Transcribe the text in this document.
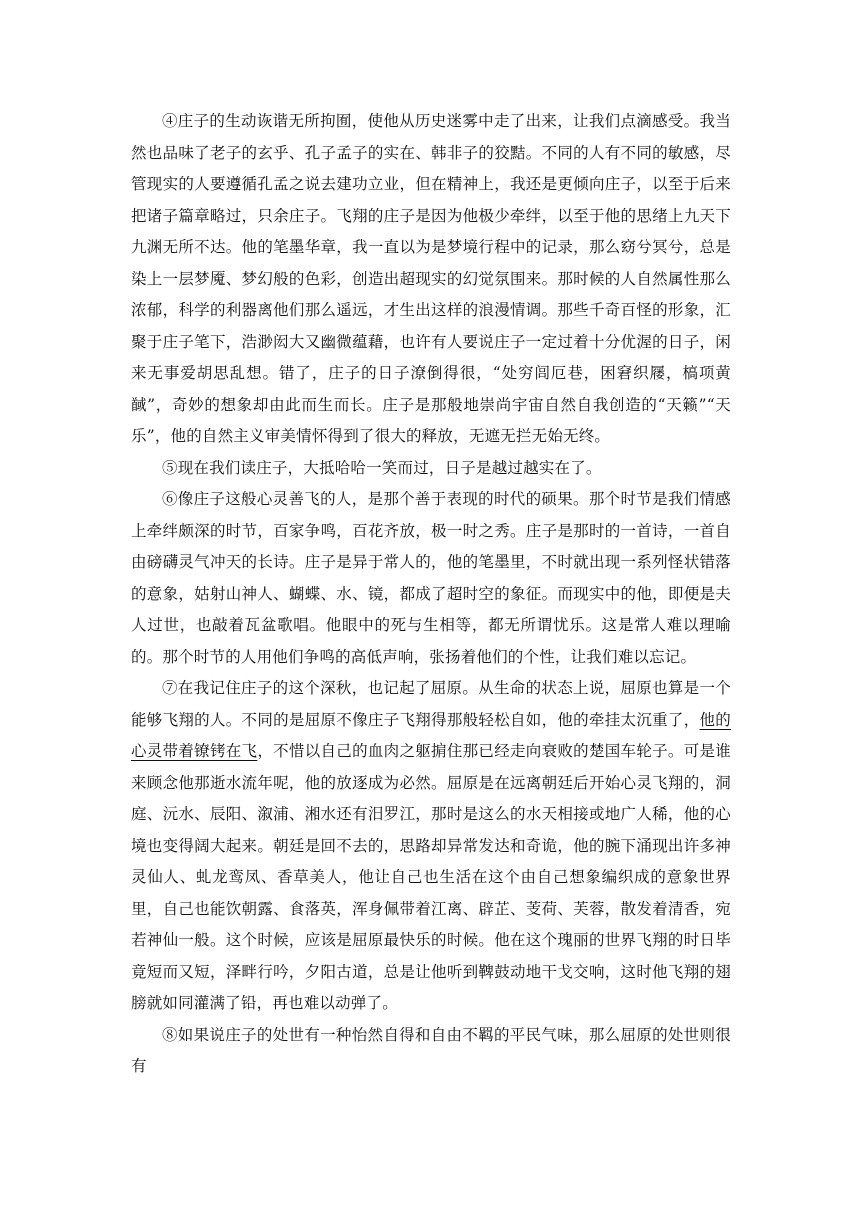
④庄子的生动诙谐无所拘囿，使他从历史迷雾中走了出来，让我们点滴感受。我当然也品味了老子的玄乎、孔子孟子的实在、韩非子的狡黠。不同的人有不同的敏感，尽管现实的人要遵循孔孟之说去建功立业，但在精神上，我还是更倾向庄子，以至于后来把诸子篇章略过，只余庄子。飞翔的庄子是因为他极少牵绊，以至于他的思绪上九天下九渊无所不达。他的笔墨华章，我一直以为是梦境行程中的记录，那么窈兮冥兮，总是染上一层梦魇、梦幻般的色彩，创造出超现实的幻觉氛围来。那时候的人自然属性那么浓郁，科学的利器离他们那么遥远，才生出这样的浪漫情调。那些千奇百怪的形象，汇聚于庄子笔下，浩渺闳大又幽微蕴藉，也许有人要说庄子一定过着十分优渥的日子，闲来无事爱胡思乱想。错了，庄子的日子潦倒得很，“处穷闾厄巷，困窘织屦，槁项黄馘”，奇妙的想象却由此而生而长。庄子是那般地崇尚宇宙自然自我创造的“天籁”“天乐”，他的自然主义审美情怀得到了很大的释放，无遮无拦无始无终。

⑤现在我们读庄子，大抵哈哈一笑而过，日子是越过越实在了。

⑥像庄子这般心灵善飞的人，是那个善于表现的时代的硕果。那个时节是我们情感上牵绊颇深的时节，百家争鸣，百花齐放，极一时之秀。庄子是那时的一首诗，一首自由磅礴灵气冲天的长诗。庄子是异于常人的，他的笔墨里，不时就出现一系列怪状错落的意象，姑射山神人、蝴蝶、水、镜，都成了超时空的象征。而现实中的他，即便是夫人过世，也敲着瓦盆歌唱。他眼中的死与生相等，都无所谓忧乐。这是常人难以理喻的。那个时节的人用他们争鸣的高低声响，张扬着他们的个性，让我们难以忘记。

⑦在我记住庄子的这个深秋，也记起了屈原。从生命的状态上说，屈原也算是一个能够飞翔的人。不同的是屈原不像庄子飞翔得那般轻松自如，他的牵挂太沉重了，他的心灵带着镣铐在飞，不惜以自己的血肉之躯掮住那已经走向衰败的楚国车轮子。可是谁来顾念他那逝水流年呢，他的放逐成为必然。屈原是在远离朝廷后开始心灵飞翔的，洞庭、沅水、辰阳、溆浦、湘水还有汨罗江，那时是这么的水天相接或地广人稀，他的心境也变得阔大起来。朝廷是回不去的，思路却异常发达和奇诡，他的腕下涌现出许多神灵仙人、虬龙鸾凤、香草美人，他让自己也生活在这个由自己想象编织成的意象世界里，自己也能饮朝露、食落英，浑身佩带着江离、辟芷、芰荷、芙蓉，散发着清香，宛若神仙一般。这个时候，应该是屈原最快乐的时候。他在这个瑰丽的世界飞翔的时日毕竟短而又短，泽畔行吟，夕阳古道，总是让他听到鞞鼓动地干戈交响，这时他飞翔的翅膀就如同灌满了铅，再也难以动弹了。

⑧如果说庄子的处世有一种怡然自得和自由不羁的平民气味，那么屈原的处世则很有
